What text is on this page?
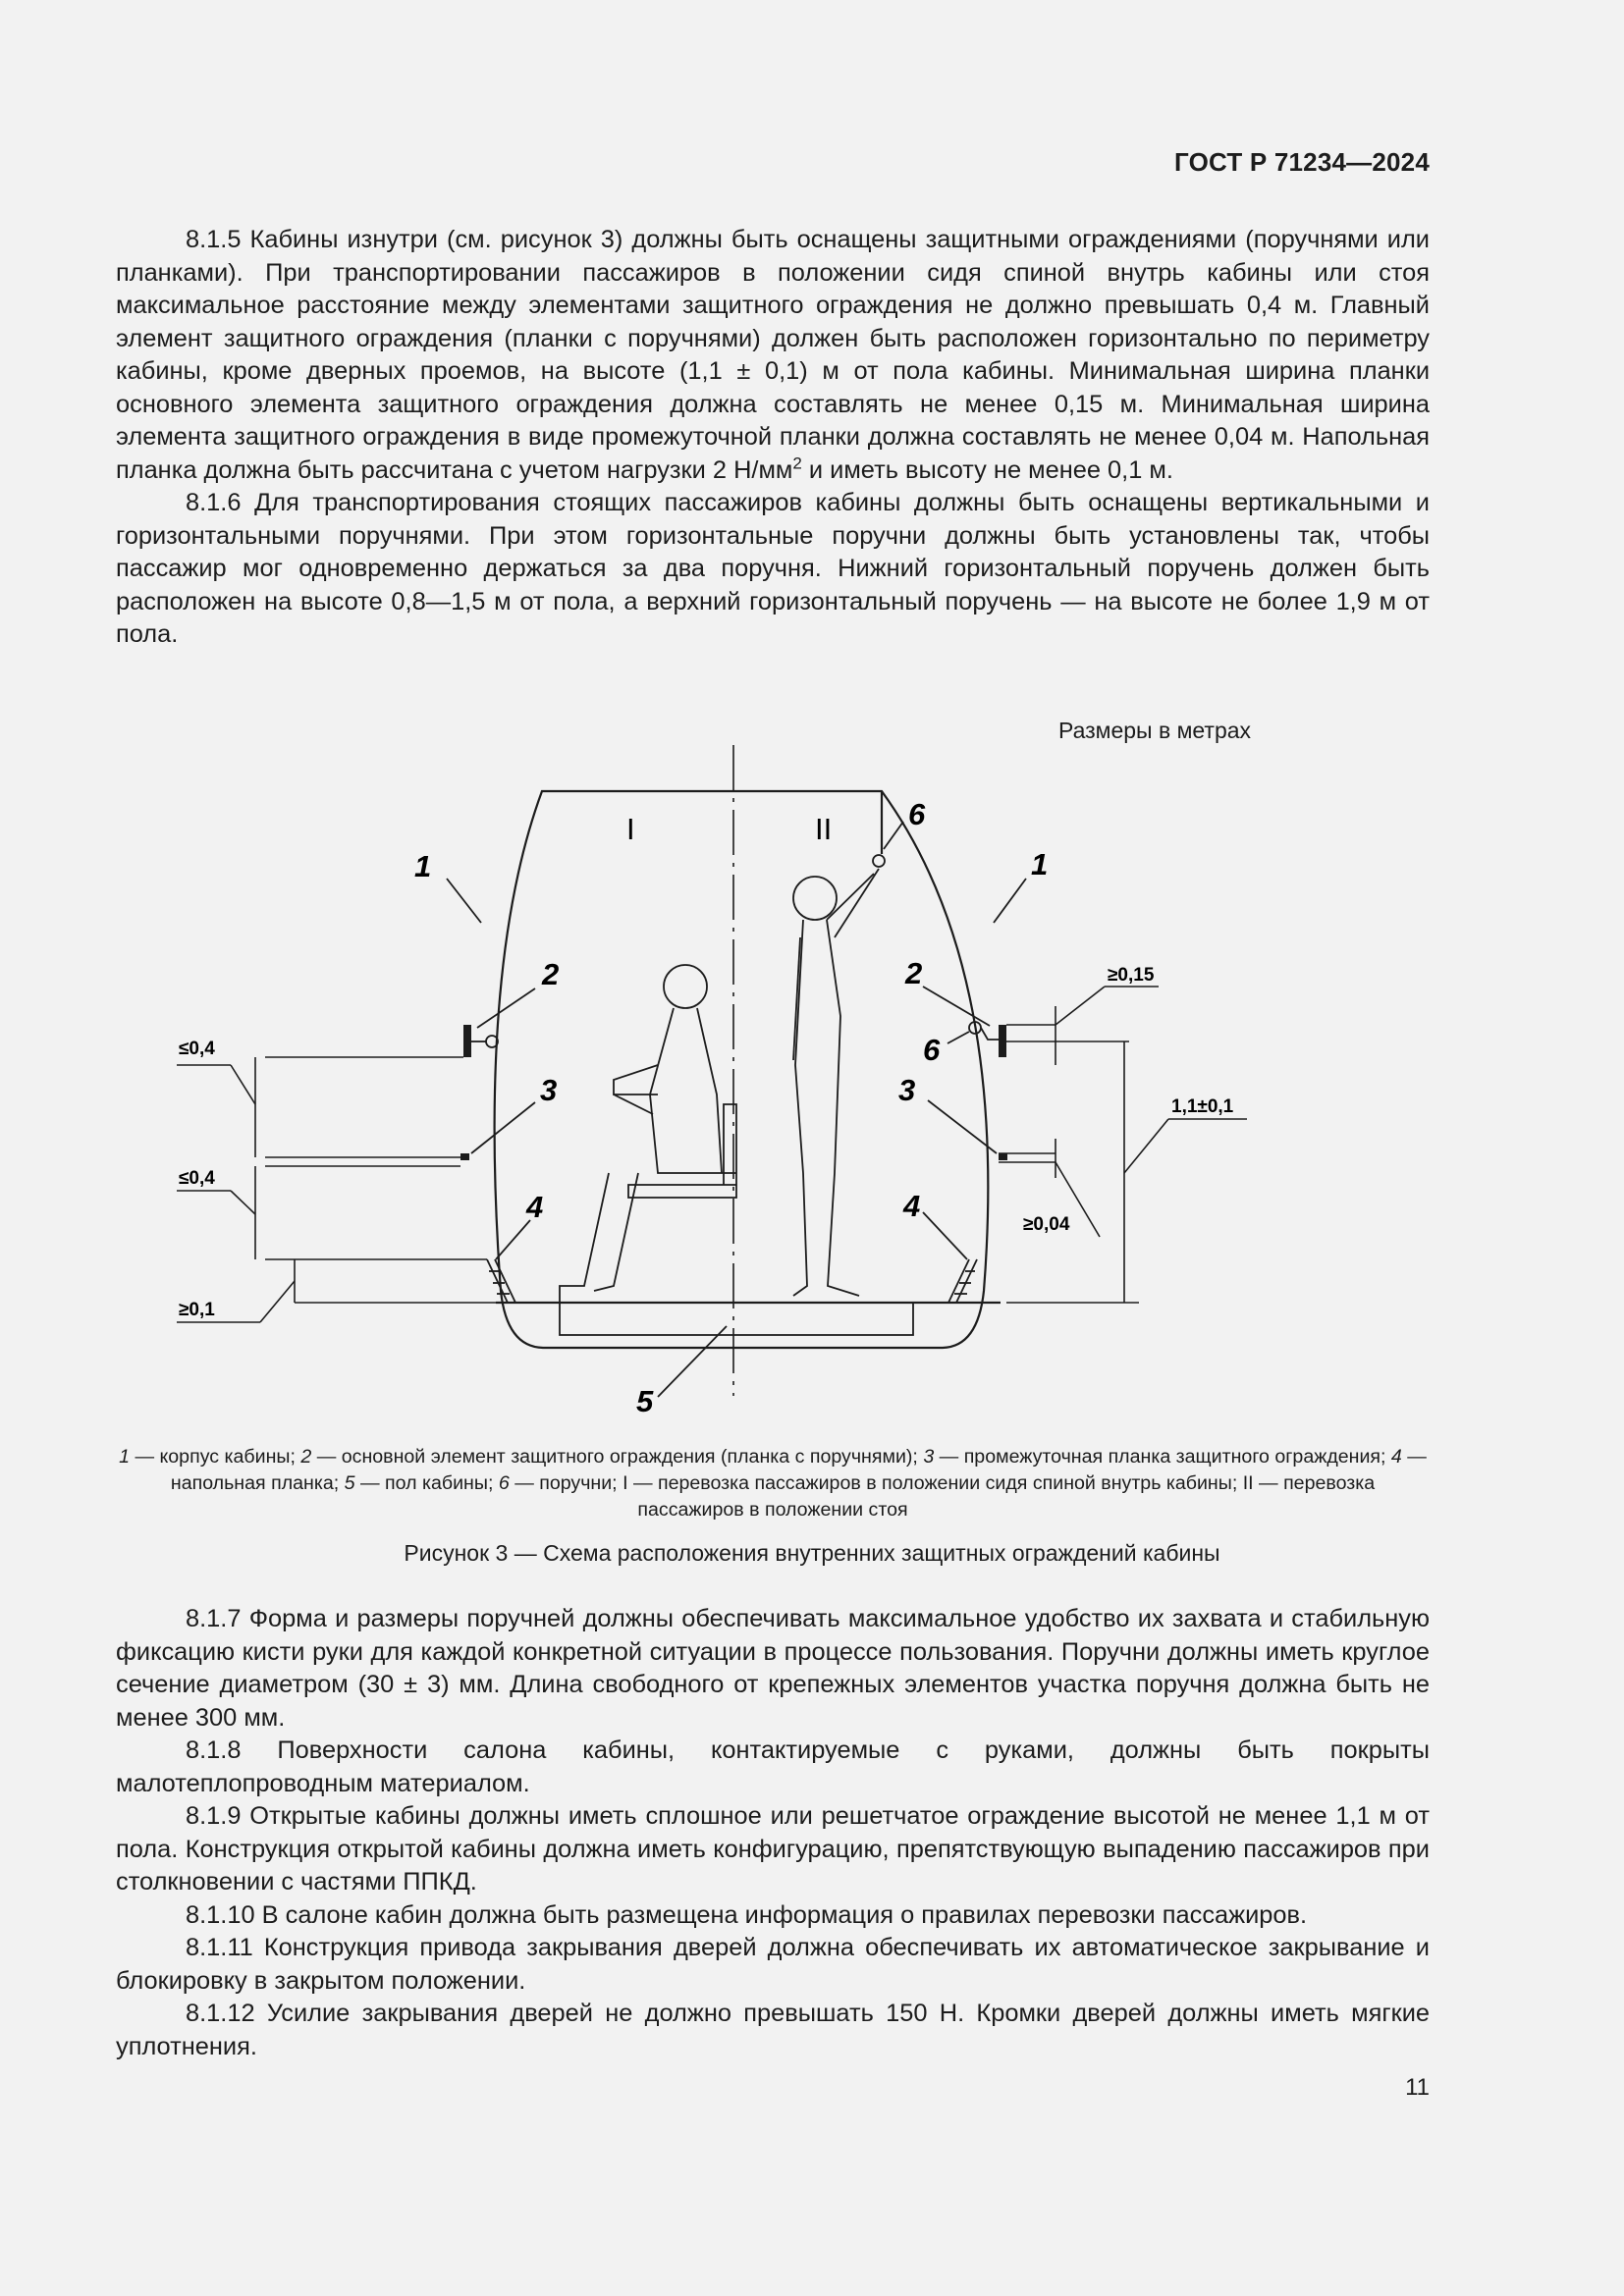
ГОСТ Р 71234—2024

8.1.5 Кабины изнутри (см. рисунок 3) должны быть оснащены защитными ограждениями (поручнями или планками). При транспортировании пассажиров в положении сидя спиной внутрь кабины или стоя максимальное расстояние между элементами защитного ограждения не должно превышать 0,4 м. Главный элемент защитного ограждения (планки с поручнями) должен быть расположен горизонтально по периметру кабины, кроме дверных проемов, на высоте (1,1 ± 0,1) м от пола кабины. Минимальная ширина планки основного элемента защитного ограждения должна составлять не менее 0,15 м. Минимальная ширина элемента защитного ограждения в виде промежуточной планки должна составлять не менее 0,04 м. Напольная планка должна быть рассчитана с учетом нагрузки 2 $Н/мм^2$ и иметь высоту не менее 0,1 м.

8.1.6 Для транспортирования стоящих пассажиров кабины должны быть оснащены вертикальными и горизонтальными поручнями. При этом горизонтальные поручни должны быть установлены так, чтобы пассажир мог одновременно держаться за два поручня. Нижний горизонтальный поручень должен быть расположен на высоте 0,8—1,5 м от пола, а верхний горизонтальный поручень — на высоте не более 1,9 м от пола.

Размеры в метрах
1	1
2	2
3	3
4	4
5
6
6
I	II
≤0,4
≤0,4
≥0,1
≥0,15
1,1±0,1
≥0,04
1 — корпус кабины; 2 — основной элемент защитного ограждения (планка с поручнями); 3 — промежуточная планка защитного ограждения; 4 — напольная планка; 5 — пол кабины; 6 — поручни; I — перевозка пассажиров в положении сидя спиной внутрь кабины; II — перевозка пассажиров в положении стоя
Рисунок 3 — Схема расположения внутренних защитных ограждений кабины

8.1.7 Форма и размеры поручней должны обеспечивать максимальное удобство их захвата и стабильную фиксацию кисти руки для каждой конкретной ситуации в процессе пользования. Поручни должны иметь круглое сечение диаметром (30 ± 3) мм. Длина свободного от крепежных элементов участка поручня должна быть не менее 300 мм.

8.1.8 Поверхности салона кабины, контактируемые с руками, должны быть покрыты малотеплопроводным материалом.

8.1.9 Открытые кабины должны иметь сплошное или решетчатое ограждение высотой не менее 1,1 м от пола. Конструкция открытой кабины должна иметь конфигурацию, препятствующую выпадению пассажиров при столкновении с частями ППКД.

8.1.10 В салоне кабин должна быть размещена информация о правилах перевозки пассажиров.

8.1.11 Конструкция привода закрывания дверей должна обеспечивать их автоматическое закрывание и блокировку в закрытом положении.

8.1.12 Усилие закрывания дверей не должно превышать 150 Н. Кромки дверей должны иметь мягкие уплотнения.

11
